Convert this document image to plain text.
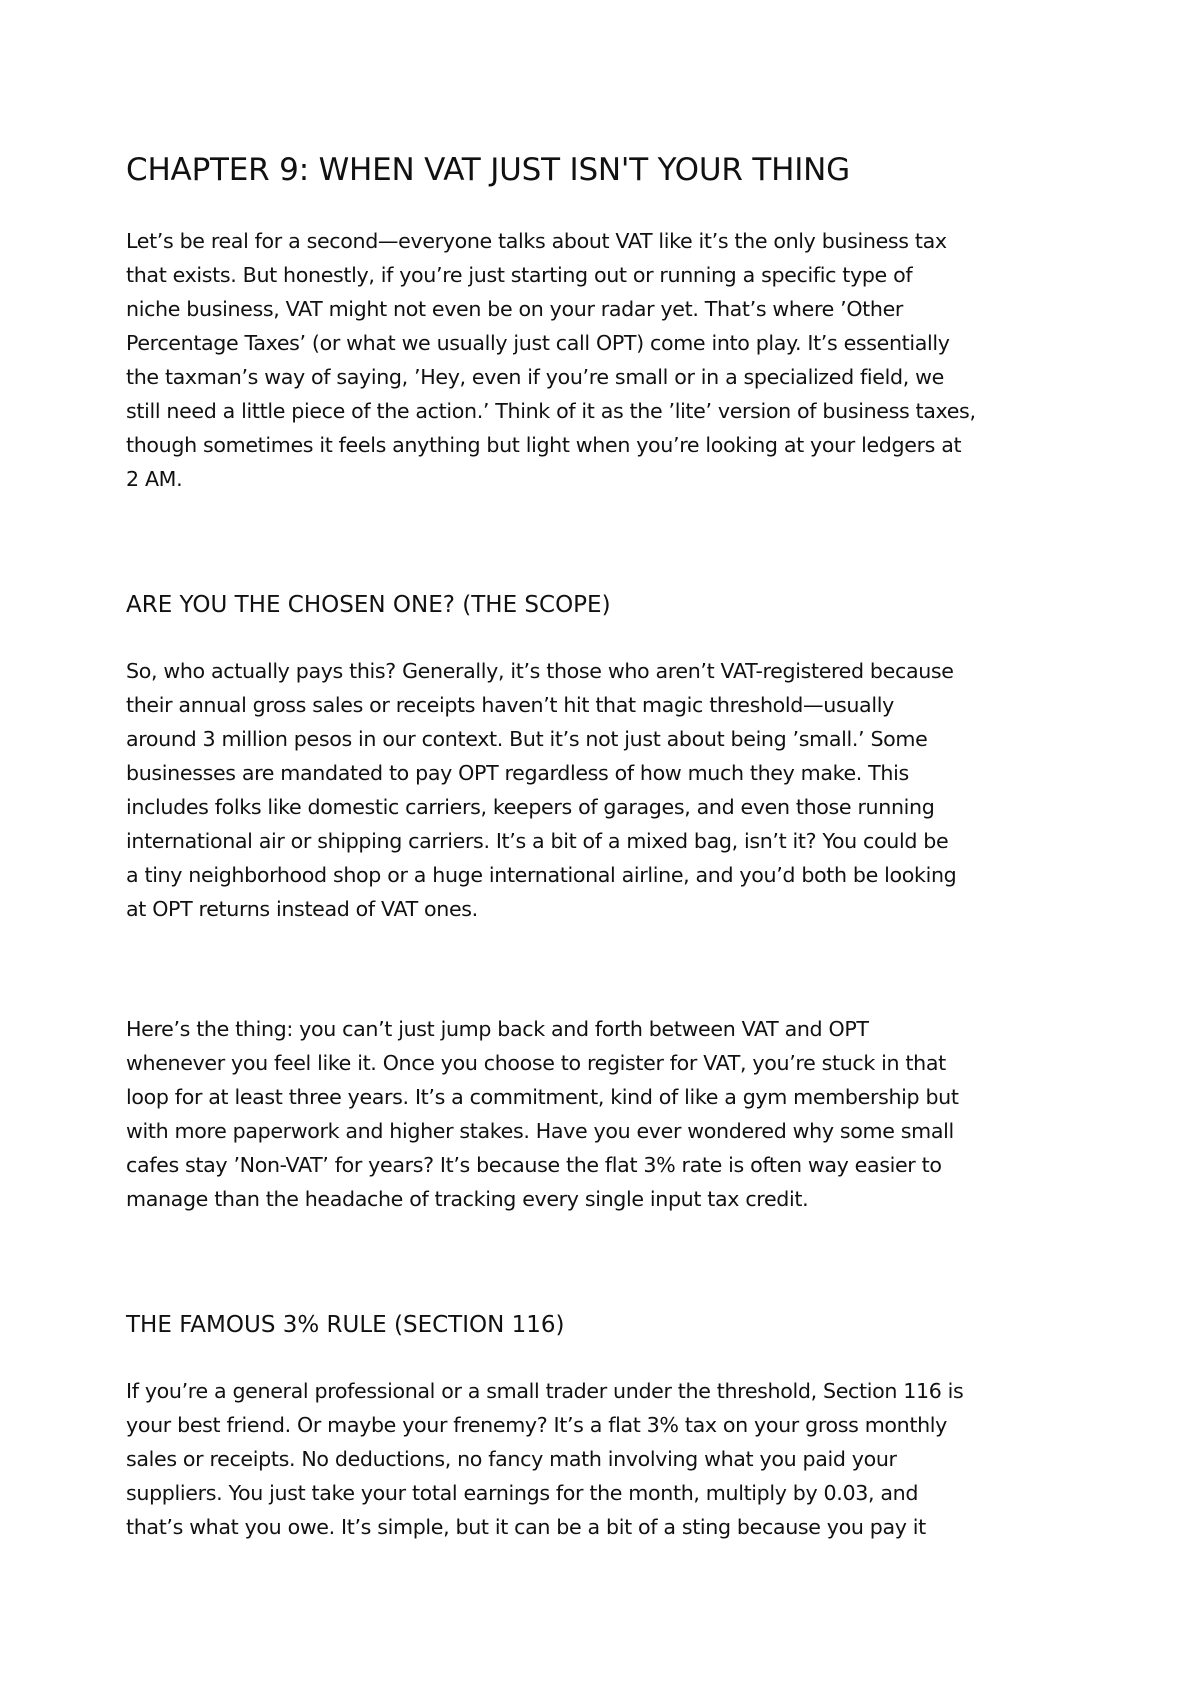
CHAPTER 9: WHEN VAT JUST ISN'T YOUR THING

Let’s be real for a second—everyone talks about VAT like it’s the only business tax
that exists. But honestly, if you’re just starting out or running a specific type of
niche business, VAT might not even be on your radar yet. That’s where ’Other
Percentage Taxes’ (or what we usually just call OPT) come into play. It’s essentially
the taxman’s way of saying, ’Hey, even if you’re small or in a specialized field, we
still need a little piece of the action.’ Think of it as the ’lite’ version of business taxes,
though sometimes it feels anything but light when you’re looking at your ledgers at
2 AM.

ARE YOU THE CHOSEN ONE? (THE SCOPE)

So, who actually pays this? Generally, it’s those who aren’t VAT-registered because
their annual gross sales or receipts haven’t hit that magic threshold—usually
around 3 million pesos in our context. But it’s not just about being ’small.’ Some
businesses are mandated to pay OPT regardless of how much they make. This
includes folks like domestic carriers, keepers of garages, and even those running
international air or shipping carriers. It’s a bit of a mixed bag, isn’t it? You could be
a tiny neighborhood shop or a huge international airline, and you’d both be looking
at OPT returns instead of VAT ones.

Here’s the thing: you can’t just jump back and forth between VAT and OPT
whenever you feel like it. Once you choose to register for VAT, you’re stuck in that
loop for at least three years. It’s a commitment, kind of like a gym membership but
with more paperwork and higher stakes. Have you ever wondered why some small
cafes stay ’Non-VAT’ for years? It’s because the flat 3% rate is often way easier to
manage than the headache of tracking every single input tax credit.

THE FAMOUS 3% RULE (SECTION 116)

If you’re a general professional or a small trader under the threshold, Section 116 is
your best friend. Or maybe your frenemy? It’s a flat 3% tax on your gross monthly
sales or receipts. No deductions, no fancy math involving what you paid your
suppliers. You just take your total earnings for the month, multiply by 0.03, and
that’s what you owe. It’s simple, but it can be a bit of a sting because you pay it
